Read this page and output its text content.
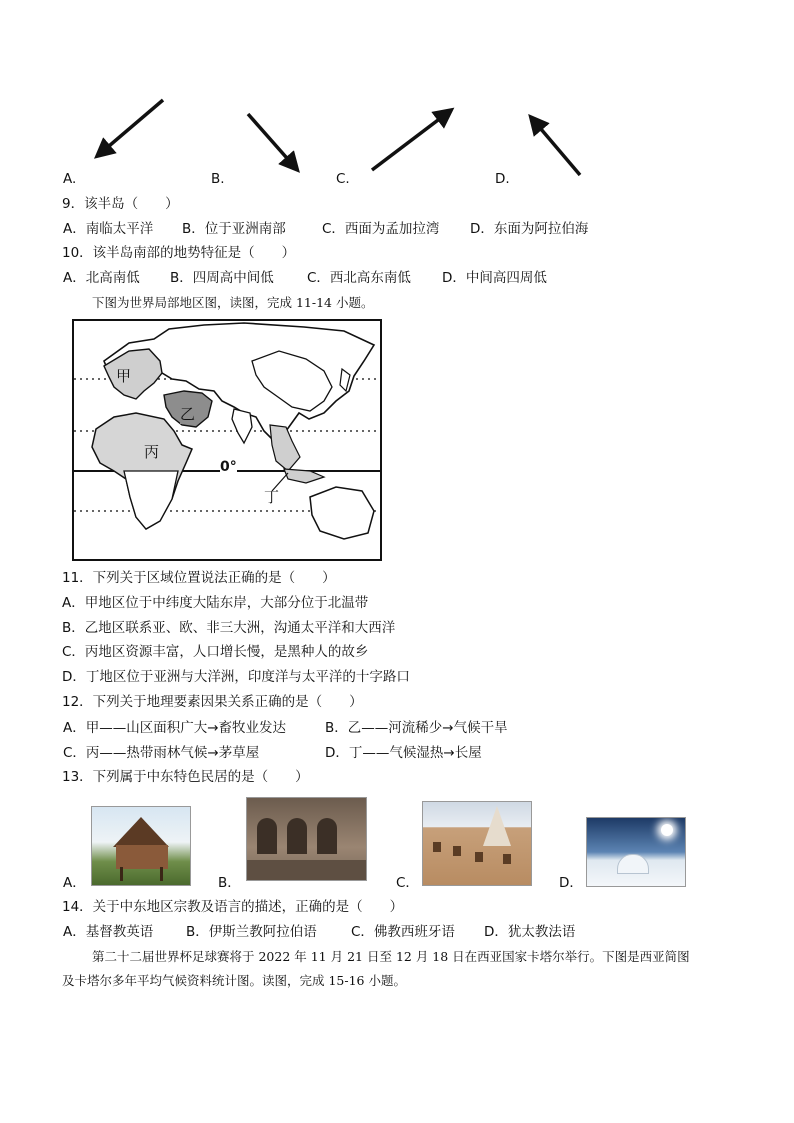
A.	B.	C.	D.
9．该半岛（　　）
A．南临太平洋 B．位于亚洲南部	C．西面为孟加拉湾 D．东面为阿拉伯海
10．该半岛南部的地势特征是（　　）
A．北高南低 B．四周高中间低 C．西北高东南低 D．中间高四周低
下图为世界局部地区图，读图，完成 11-14 小题。
甲
乙
丙
丁
0°
11．下列关于区域位置说法正确的是（　　）
A．甲地区位于中纬度大陆东岸，大部分位于北温带
B．乙地区联系亚、欧、非三大洲，沟通太平洋和大西洋
C．丙地区资源丰富，人口增长慢，是黑种人的故乡
D．丁地区位于亚洲与大洋洲，印度洋与太平洋的十字路口
12．下列关于地理要素因果关系正确的是（　　）
A．甲——山区面积广大→畜牧业发达	B．乙——河流稀少→气候干旱
C．丙——热带雨林气候→茅草屋	D．丁——气候湿热→长屋
13．下列属于中东特色民居的是（　　）
A．	B．	C．	D．
14．关于中东地区宗教及语言的描述，正确的是（　　）
A．基督教英语 B．伊斯兰教阿拉伯语	C．佛教西班牙语 D．犹太教法语
第二十二届世界杯足球赛将于 2022 年 11 月 21 日至 12 月 18 日在西亚国家卡塔尔举行。下图是西亚简图
及卡塔尔多年平均气候资料统计图。读图，完成 15-16 小题。
